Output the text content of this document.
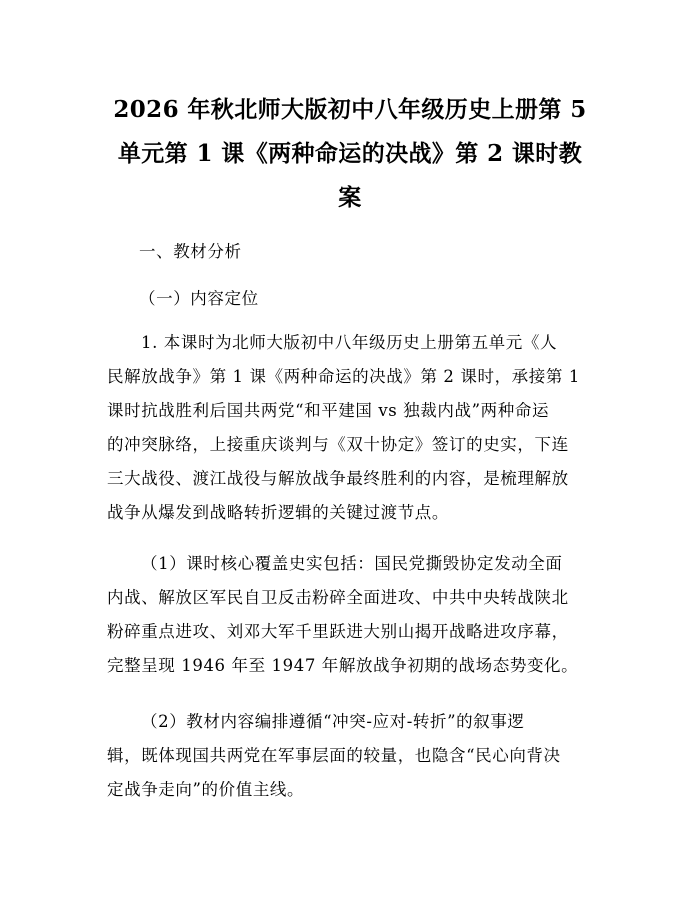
2026 年秋北师大版初中八年级历史上册第 5
单元第 1 课《两种命运的决战》第 2 课时教
案
一、教材分析
（一）内容定位
1. 本课时为北师大版初中八年级历史上册第五单元《人
民解放战争》第 1 课《两种命运的决战》第 2 课时，承接第 1
课时抗战胜利后国共两党“和平建国 vs 独裁内战”两种命运
的冲突脉络，上接重庆谈判与《双十协定》签订的史实，下连
三大战役、渡江战役与解放战争最终胜利的内容，是梳理解放
战争从爆发到战略转折逻辑的关键过渡节点。
（1）课时核心覆盖史实包括：国民党撕毁协定发动全面
内战、解放区军民自卫反击粉碎全面进攻、中共中央转战陕北
粉碎重点进攻、刘邓大军千里跃进大别山揭开战略进攻序幕，
完整呈现 1946 年至 1947 年解放战争初期的战场态势变化。
（2）教材内容编排遵循“冲突-应对-转折”的叙事逻
辑，既体现国共两党在军事层面的较量，也隐含“民心向背决
定战争走向”的价值主线。
